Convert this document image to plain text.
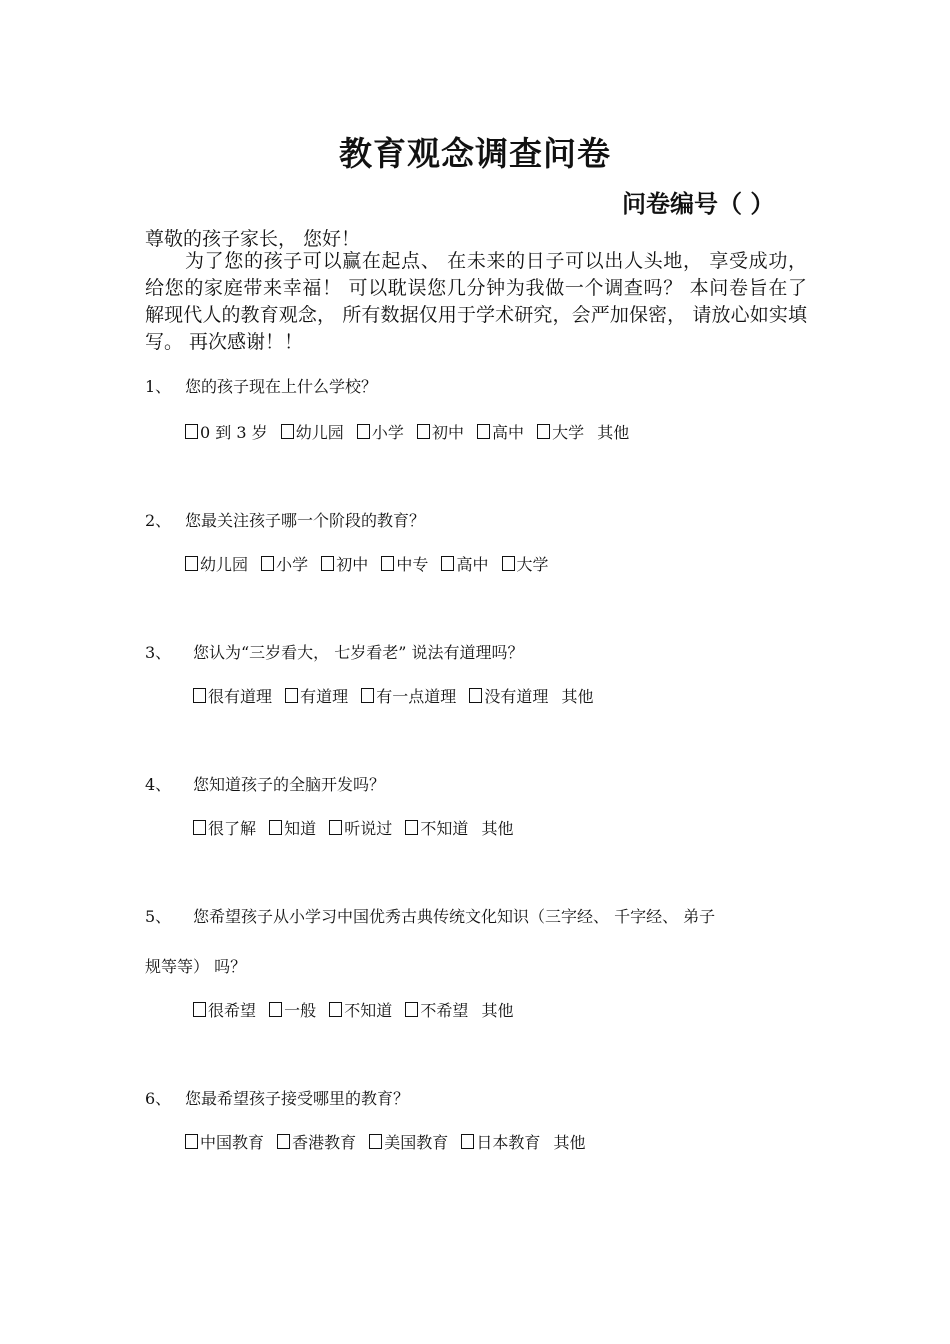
教育观念调查问卷
问卷编号（ ）
尊敬的孩子家长， 您好！
为了您的孩子可以赢在起点、 在未来的日子可以出人头地， 享受成功， 给您的家庭带来幸福！ 可以耽误您几分钟为我做一个调查吗？ 本问卷旨在了 解现代人的教育观念， 所有数据仅用于学术研究，会严加保密， 请放心如实填写。 再次感谢！！
1、 您的孩子现在上什么学校？
0 到 3 岁 幼儿园 小学 初中 高中 大学 其他
2、 您最关注孩子哪一个阶段的教育？
幼儿园 小学 初中 中专 高中 大学
3、 您认为“三岁看大， 七岁看老” 说法有道理吗？
很有道理 有道理 有一点道理 没有道理 其他
4、 您知道孩子的全脑开发吗？
很了解 知道 听说过 不知道 其他
5、 您希望孩子从小学习中国优秀古典传统文化知识（三字经、 千字经、 弟子
规等等） 吗？
很希望 一般 不知道 不希望 其他
6、 您最希望孩子接受哪里的教育？
中国教育 香港教育 美国教育 日本教育 其他
